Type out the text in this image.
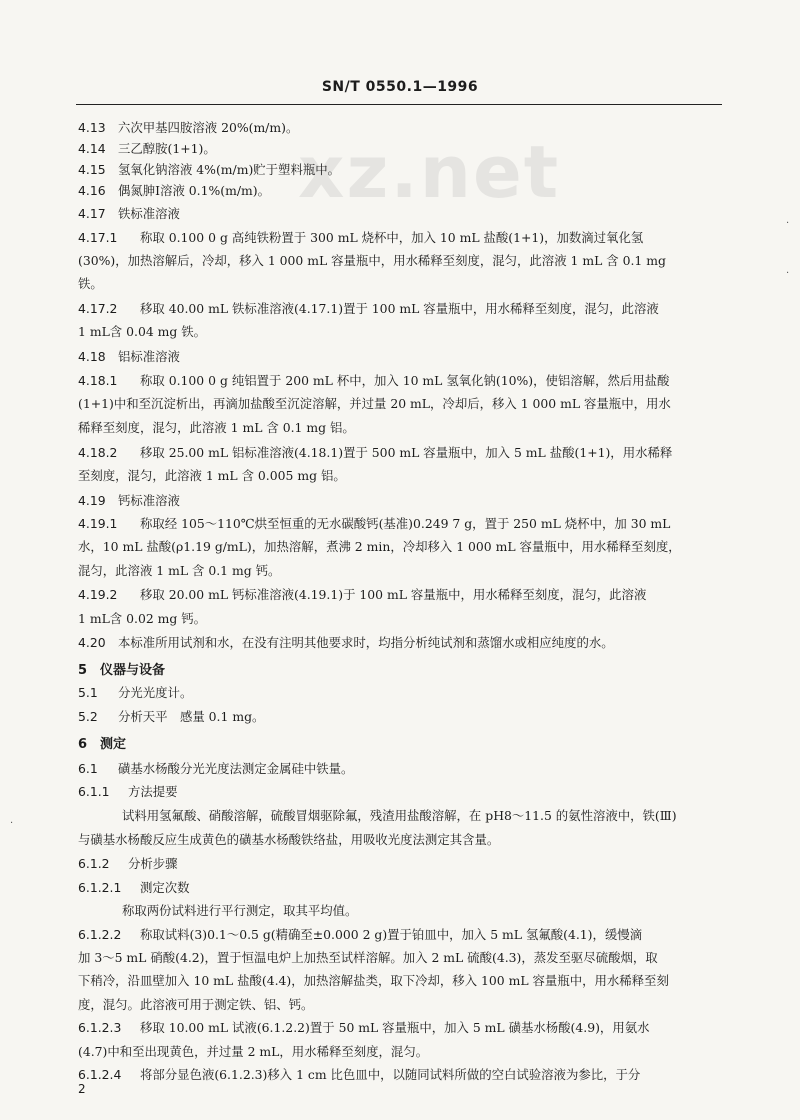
xz.net
SN/T 0550.1—1996
4.13 六次甲基四胺溶液 20%(m/m)。
4.14 三乙醇胺(1+1)。
4.15 氢氧化钠溶液 4%(m/m)贮于塑料瓶中。
4.16 偶氮胂Ⅰ溶液 0.1%(m/m)。
4.17 铁标准溶液
4.17.1 称取 0.100 0 g 高纯铁粉置于 300 mL 烧杯中，加入 10 mL 盐酸(1+1)，加数滴过氧化氢
(30%)，加热溶解后，冷却，移入 1 000 mL 容量瓶中，用水稀释至刻度，混匀，此溶液 1 mL 含 0.1 mg
铁。
4.17.2 移取 40.00 mL 铁标准溶液(4.17.1)置于 100 mL 容量瓶中，用水稀释至刻度，混匀，此溶液
1 mL含 0.04 mg 铁。
4.18 铝标准溶液
4.18.1 称取 0.100 0 g 纯铝置于 200 mL 杯中，加入 10 mL 氢氧化钠(10%)，使铝溶解，然后用盐酸
(1+1)中和至沉淀析出，再滴加盐酸至沉淀溶解，并过量 20 mL，冷却后，移入 1 000 mL 容量瓶中，用水
稀释至刻度，混匀，此溶液 1 mL 含 0.1 mg 铝。
4.18.2 移取 25.00 mL 铝标准溶液(4.18.1)置于 500 mL 容量瓶中，加入 5 mL 盐酸(1+1)，用水稀释
至刻度，混匀，此溶液 1 mL 含 0.005 mg 铝。
4.19 钙标准溶液
4.19.1 称取经 105～110℃烘至恒重的无水碳酸钙(基准)0.249 7 g，置于 250 mL 烧杯中，加 30 mL
水，10 mL 盐酸(ρ1.19 g/mL)，加热溶解，煮沸 2 min，冷却移入 1 000 mL 容量瓶中，用水稀释至刻度，
混匀，此溶液 1 mL 含 0.1 mg 钙。
4.19.2 移取 20.00 mL 钙标准溶液(4.19.1)于 100 mL 容量瓶中，用水稀释至刻度，混匀，此溶液
1 mL含 0.02 mg 钙。
4.20 本标准所用试剂和水，在没有注明其他要求时，均指分析纯试剂和蒸馏水或相应纯度的水。
5 仪器与设备
5.1 分光光度计。
5.2 分析天平　感量 0.1 mg。
6 测定
6.1 磺基水杨酸分光光度法测定金属硅中铁量。
6.1.1 方法提要
试料用氢氟酸、硝酸溶解，硫酸冒烟驱除氟，残渣用盐酸溶解，在 pH8～11.5 的氨性溶液中，铁(Ⅲ)
与磺基水杨酸反应生成黄色的磺基水杨酸铁络盐，用吸收光度法测定其含量。
6.1.2 分析步骤
6.1.2.1 测定次数
称取两份试料进行平行测定，取其平均值。
6.1.2.2 称取试料(3)0.1～0.5 g(精确至±0.000 2 g)置于铂皿中，加入 5 mL 氢氟酸(4.1)，缓慢滴
加 3～5 mL 硝酸(4.2)，置于恒温电炉上加热至试样溶解。加入 2 mL 硫酸(4.3)，蒸发至驱尽硫酸烟，取
下稍冷，沿皿壁加入 10 mL 盐酸(4.4)，加热溶解盐类，取下冷却，移入 100 mL 容量瓶中，用水稀释至刻
度，混匀。此溶液可用于测定铁、铝、钙。
6.1.2.3 移取 10.00 mL 试液(6.1.2.2)置于 50 mL 容量瓶中，加入 5 mL 磺基水杨酸(4.9)，用氨水
(4.7)中和至出现黄色，并过量 2 mL，用水稀释至刻度，混匀。
6.1.2.4 将部分显色液(6.1.2.3)移入 1 cm 比色皿中，以随同试料所做的空白试验溶液为参比，于分
2
·
·
·
